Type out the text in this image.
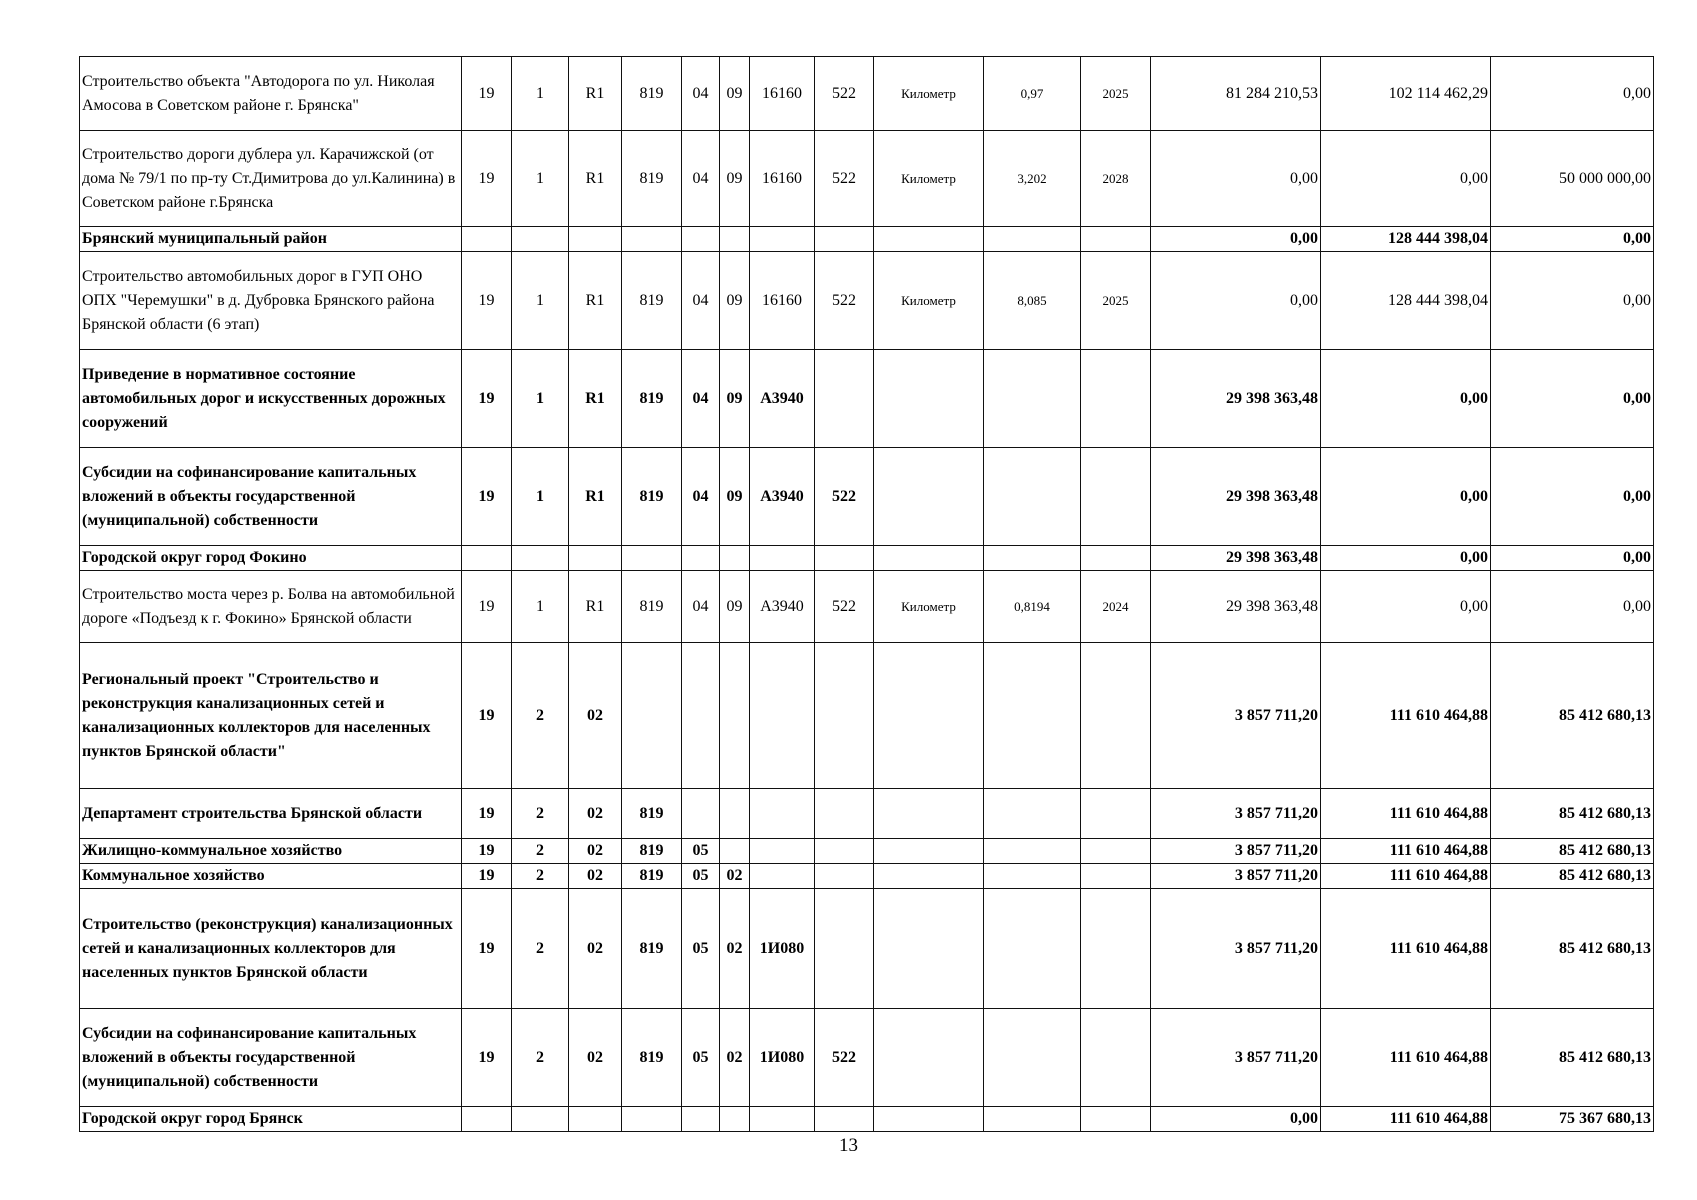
Строительство объекта "Автодорога по ул. Николая Амосова в Советском районе г. Брянска"	19	1	R1	819	04	09	16160	522	Километр	0,97	2025	81 284 210,53	102 114 462,29	0,00
Строительство дороги дублера ул. Карачижской (от дома № 79/1 по пр-ту Ст.Димитрова до ул.Калинина) в Советском районе г.Брянска	19	1	R1	819	04	09	16160	522	Километр	3,202	2028	0,00	0,00	50 000 000,00
Брянский муниципальный район												0,00	128 444 398,04	0,00
Строительство автомобильных дорог в ГУП ОНО ОПХ "Черемушки" в д. Дубровка Брянского района Брянской области (6 этап)	19	1	R1	819	04	09	16160	522	Километр	8,085	2025	0,00	128 444 398,04	0,00
Приведение в нормативное состояние автомобильных дорог и искусственных дорожных сооружений	19	1	R1	819	04	09	А3940					29 398 363,48	0,00	0,00
Субсидии на софинансирование капитальных вложений в объекты государственной (муниципальной) собственности	19	1	R1	819	04	09	А3940	522				29 398 363,48	0,00	0,00
Городской округ город Фокино												29 398 363,48	0,00	0,00
Строительство моста через р. Болва на автомобильной дороге «Подъезд к г. Фокино» Брянской области	19	1	R1	819	04	09	А3940	522	Километр	0,8194	2024	29 398 363,48	0,00	0,00
Региональный проект "Строительство и реконструкция канализационных сетей и канализационных коллекторов для населенных пунктов Брянской области"	19	2	02									3 857 711,20	111 610 464,88	85 412 680,13
Департамент строительства Брянской области	19	2	02	819								3 857 711,20	111 610 464,88	85 412 680,13
Жилищно-коммунальное хозяйство	19	2	02	819	05							3 857 711,20	111 610 464,88	85 412 680,13
Коммунальное хозяйство	19	2	02	819	05	02						3 857 711,20	111 610 464,88	85 412 680,13
Строительство (реконструкция) канализационных сетей и канализационных коллекторов для населенных пунктов Брянской области	19	2	02	819	05	02	1И080					3 857 711,20	111 610 464,88	85 412 680,13
Субсидии на софинансирование капитальных вложений в объекты государственной (муниципальной) собственности	19	2	02	819	05	02	1И080	522				3 857 711,20	111 610 464,88	85 412 680,13
Городской округ город Брянск												0,00	111 610 464,88	75 367 680,13
13
